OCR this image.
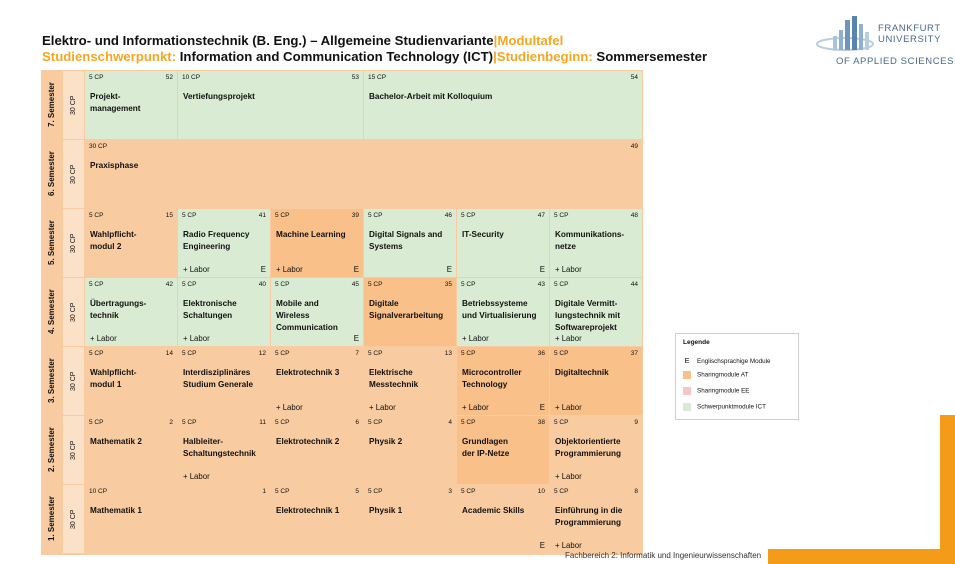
Elektro- und Informationstechnik (B. Eng.) – Allgemeine Studienvariante|Modultafel
Studienschwerpunkt: Information and Communication Technology (ICT)|Studienbeginn: Sommersemester
FRANKFURT
UNIVERSITY
OF APPLIED SCIENCES
7. Semester	30 CP
6. Semester	30 CP
5. Semester	30 CP
4. Semester	30 CP
3. Semester	30 CP
2. Semester	30 CP
1. Semester	30 CP
5 CP	52
Projekt-
management
10 CP	53
Vertiefungsprojekt
15 CP	54
Bachelor-Arbeit mit Kolloquium
30 CP	49
Praxisphase
5 CP	15
Wahlpflicht-
modul 2
5 CP	41
Radio Frequency
Engineering
+ Labor	E
5 CP	39
Machine Learning
+ Labor	E
5 CP	46
Digital Signals and
Systems
E
5 CP	47
IT-Security
E
5 CP	48
Kommunikations-
netze
+ Labor
5 CP	42
Übertragungs-
technik
+ Labor
5 CP	40
Elektronische
Schaltungen
+ Labor
5 CP	45
Mobile and
Wireless
Communication
E
5 CP	35
Digitale
Signalverarbeitung
5 CP	43
Betriebssysteme
und Virtualisierung
+ Labor
5 CP	44
Digitale Vermitt-
lungstechnik mit
Softwareprojekt
+ Labor
5 CP	14
Wahlpflicht-
modul 1
5 CP	12
Interdisziplinäres
Studium Generale
5 CP	7
Elektrotechnik 3
+ Labor
5 CP	13
Elektrische
Messtechnik
+ Labor
5 CP	36
Microcontroller
Technology
+ Labor	E
5 CP	37
Digitaltechnik
+ Labor
5 CP	2
Mathematik 2
5 CP	11
Halbleiter-
Schaltungstechnik
+ Labor
5 CP	6
Elektrotechnik 2
5 CP	4
Physik 2
5 CP	38
Grundlagen
der IP-Netze
5 CP	9
Objektorientierte
Programmierung
+ Labor
10 CP	1
Mathematik 1
5 CP	5
Elektrotechnik 1
5 CP	3
Physik 1
5 CP	10
Academic Skills
E
5 CP	8
Einführung in die
Programmierung
+ Labor
Legende
E Englischsprachige Module
Sharingmodule AT
Sharingmodule EE
Schwerpunktmodule ICT
Fachbereich 2: Informatik und Ingenieurwissenschaften
